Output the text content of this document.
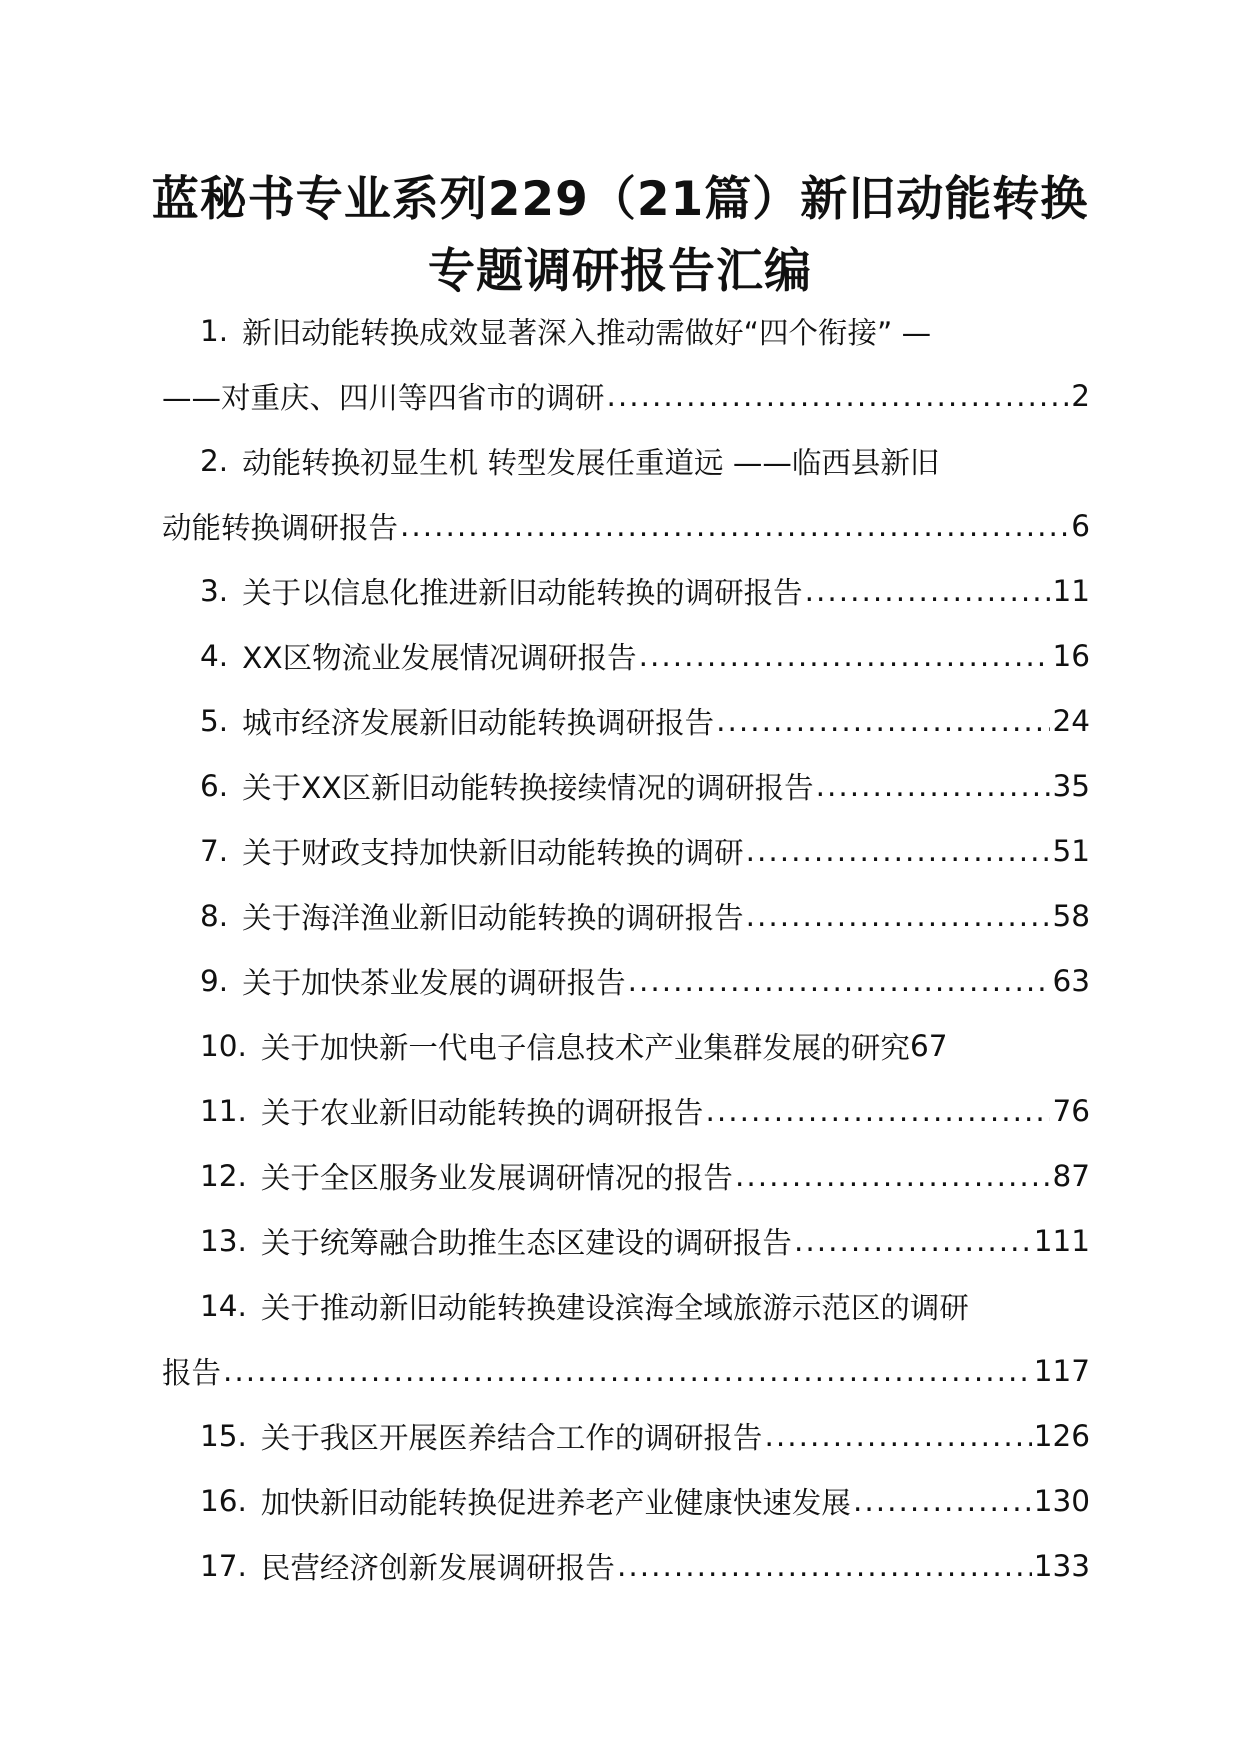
蓝秘书专业系列229（21篇）新旧动能转换
专题调研报告汇编
1. 新旧动能转换成效显著深入推动需做好“四个衔接” —
——对重庆、四川等四省市的调研 .....	2
2. 动能转换初显生机 转型发展任重道远 ——临西县新旧
动能转换调研报告 .....	6
3. 关于以信息化推进新旧动能转换的调研报告 .....	11
4. XX区物流业发展情况调研报告 .....	16
5. 城市经济发展新旧动能转换调研报告 .....	24
6. 关于XX区新旧动能转换接续情况的调研报告 .....	35
7. 关于财政支持加快新旧动能转换的调研 .....	51
8. 关于海洋渔业新旧动能转换的调研报告 .....	58
9. 关于加快茶业发展的调研报告 .....	63
10. 关于加快新一代电子信息技术产业集群发展的研究 67
11. 关于农业新旧动能转换的调研报告 .....	76
12. 关于全区服务业发展调研情况的报告 .....	87
13. 关于统筹融合助推生态区建设的调研报告 .....	111
14. 关于推动新旧动能转换建设滨海全域旅游示范区的调研
报告 .....	117
15. 关于我区开展医养结合工作的调研报告 .....	126
16. 加快新旧动能转换促进养老产业健康快速发展 .....	130
17. 民营经济创新发展调研报告 .....	133
